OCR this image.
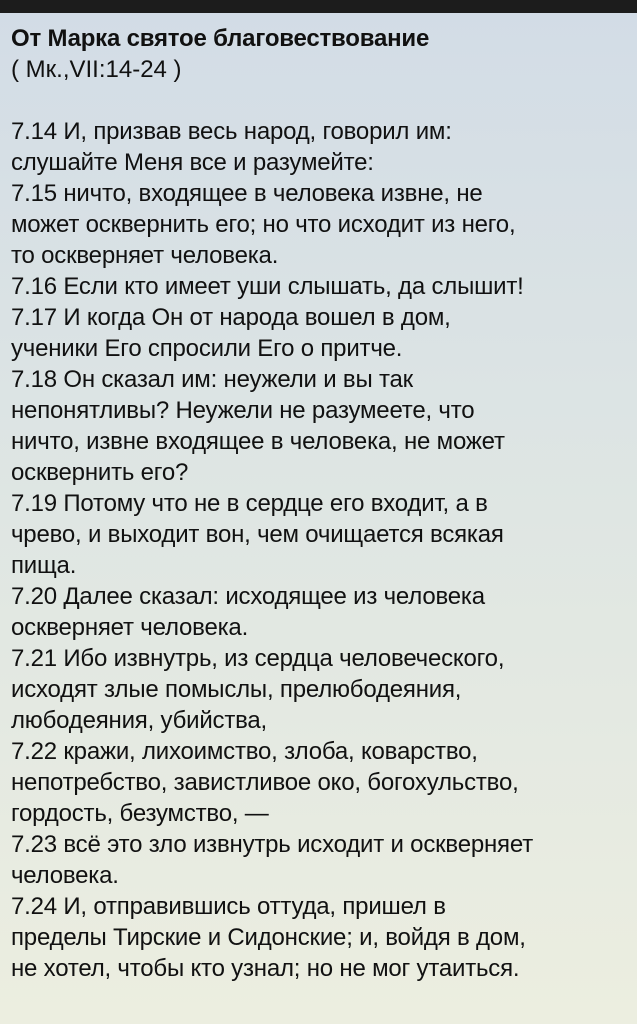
От Марка святое благовествование
( Мк.,VII:14-24 )
7.14 И, призвав весь народ, говорил им:
слушайте Меня все и разумейте:
7.15 ничто, входящее в человека извне, не
может осквернить его; но что исходит из него,
то оскверняет человека.
7.16 Если кто имеет уши слышать, да слышит!
7.17 И когда Он от народа вошел в дом,
ученики Его спросили Его о притче.
7.18 Он сказал им: неужели и вы так
непонятливы? Неужели не разумеете, что
ничто, извне входящее в человека, не может
осквернить его?
7.19 Потому что не в сердце его входит, а в
чрево, и выходит вон, чем очищается всякая
пища.
7.20 Далее сказал: исходящее из человека
оскверняет человека.
7.21 Ибо извнутрь, из сердца человеческого,
исходят злые помыслы, прелюбодеяния,
любодеяния, убийства,
7.22 кражи, лихоимство, злоба, коварство,
непотребство, завистливое око, богохульство,
гордость, безумство, —
7.23 всё это зло извнутрь исходит и оскверняет
человека.
7.24 И, отправившись оттуда, пришел в
пределы Тирские и Сидонские; и, войдя в дом,
не хотел, чтобы кто узнал; но не мог утаиться.
